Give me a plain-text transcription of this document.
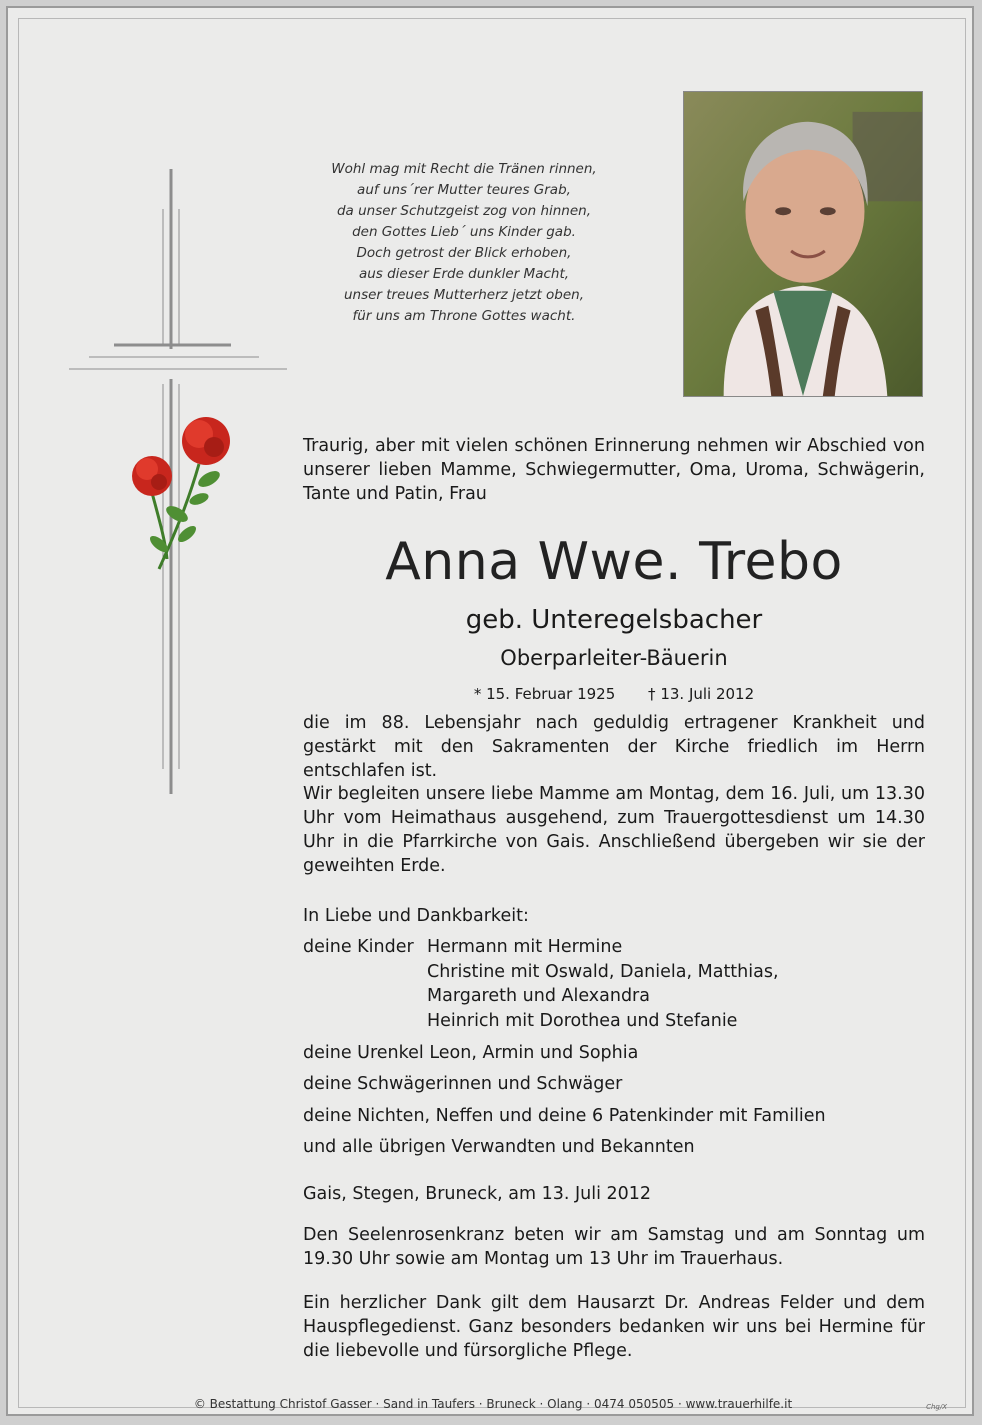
Wohl mag mit Recht die Tränen rinnen,
auf uns´rer Mutter teures Grab,
da unser Schutzgeist zog von hinnen,
den Gottes Lieb´ uns Kinder gab.
Doch getrost der Blick erhoben,
aus dieser Erde dunkler Macht,
unser treues Mutterherz jetzt oben,
für uns am Throne Gottes wacht.
Traurig, aber mit vielen schönen Erinnerung nehmen wir Abschied von unserer lieben Mamme, Schwiegermutter, Oma, Uroma, Schwägerin, Tante und Patin, Frau
Anna Wwe. Trebo
geb. Unteregelsbacher
Oberparleiter-Bäuerin
* 15. Februar 1925 † 13. Juli 2012
die im 88. Lebensjahr nach geduldig ertragener Krankheit und gestärkt mit den Sakramenten der Kirche friedlich im Herrn entschlafen ist.
Wir begleiten unsere liebe Mamme am Montag, dem 16. Juli, um 13.30 Uhr vom Heimathaus ausgehend, zum Trauergottesdienst um 14.30 Uhr in die Pfarrkirche von Gais. Anschließend übergeben wir sie der geweihten Erde.
In Liebe und Dankbarkeit:
deine Kinder Hermann mit Hermine
Christine mit Oswald, Daniela, Matthias,
Margareth und Alexandra
Heinrich mit Dorothea und Stefanie
deine Urenkel Leon, Armin und Sophia
deine Schwägerinnen und Schwäger
deine Nichten, Neffen und deine 6 Patenkinder mit Familien
und alle übrigen Verwandten und Bekannten
Gais, Stegen, Bruneck, am 13. Juli 2012
Den Seelenrosenkranz beten wir am Samstag und am Sonntag um 19.30 Uhr sowie am Montag um 13 Uhr im Trauerhaus.
Ein herzlicher Dank gilt dem Hausarzt Dr. Andreas Felder und dem Hauspflegedienst. Ganz besonders bedanken wir uns bei Hermine für die liebevolle und fürsorgliche Pflege.
© Bestattung Christof Gasser · Sand in Taufers · Bruneck · Olang · 0474 050505 · www.trauerhilfe.it	Chg/X
